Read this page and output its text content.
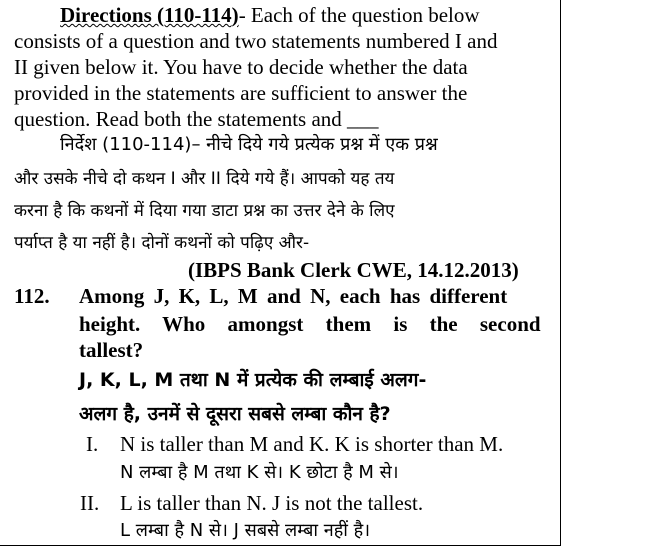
Directions (110-114)- Each of the question below
consists of a question and two statements numbered I and
II given below it. You have to decide whether the data
provided in the statements are sufficient to answer the
question. Read both the statements and ___
निर्देश (110-114)– नीचे दिये गये प्रत्येक प्रश्न में एक प्रश्न
और उसके नीचे दो कथन I और II दिये गये हैं। आपको यह तय
करना है कि कथनों में दिया गया डाटा प्रश्न का उत्तर देने के लिए
पर्याप्त है या नहीं है। दोनों कथनों को पढ़िए और-
(IBPS Bank Clerk CWE, 14.12.2013)
112. Among J, K, L, M and N, each has different
height. Who amongst them is the second
tallest?
J, K, L, M तथा N में प्रत्येक की लम्बाई अलग-
अलग है, उनमें से दूसरा सबसे लम्बा कौन है?
I. N is taller than M and K. K is shorter than M.
N लम्बा है M तथा K से। K छोटा है M से।
II. L is taller than N. J is not the tallest.
L लम्बा है N से। J सबसे लम्बा नहीं है।
